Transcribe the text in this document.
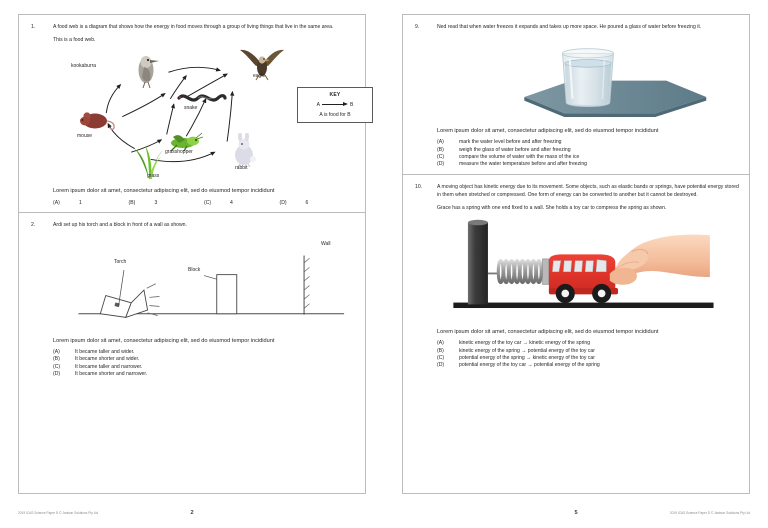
1.	A food web is a diagram that shows how the energy in food moves through a group of living things that live in the same area.
This is a food web.
kookaburra
eagle
snake
mouse
grasshopper
rabbit
grass
KEY
A	B
A is food for B
Lorem ipsum dolor sit amet, consectetur adipiscing elit, sed do eiusmod tempor incididunt
(A)	1	(B)	3	(C)	4	(D)	6
2.	Ardi set up his torch and a block in front of a wall as shown.
Torch
Block
Wall
Lorem ipsum dolor sit amet, consectetur adipiscing elit, sed do eiusmod tempor incididunt
(A)	It became taller and wider.
(B)	It became shorter and wider.
(C)	It became taller and narrower.
(D)	It became shorter and narrower.
2019 ICAS Science Paper D © Janison Solutions Pty Ltd	2
9.	Ned read that when water freezes it expands and takes up more space. He poured a glass of water before freezing it.
Lorem ipsum dolor sit amet, consectetur adipiscing elit, sed do eiusmod tempor incididunt
(A)	mark the water level before and after freezing
(B)	weigh the glass of water before and after freezing
(C)	compare the volume of water with the mass of the ice
(D)	measure the water temperature before and after freezing
10.	A moving object has kinetic energy due to its movement. Some objects, such as elastic bands or springs, have potential energy stored in them when stretched or compressed. One form of energy can be converted to another but it cannot be destroyed.
Grace has a spring with one end fixed to a wall. She holds a toy car to compress the spring as shown.
Lorem ipsum dolor sit amet, consectetur adipiscing elit, sed do eiusmod tempor incididunt
(A)	kinetic energy of the toy car → kinetic energy of the spring
(B)	kinetic energy of the spring → potential energy of the toy car
(C)	potential energy of the spring → kinetic energy of the toy car
(D)	potential energy of the toy car → potential energy of the spring
5	2019 ICAS Science Paper D © Janison Solutions Pty Ltd
